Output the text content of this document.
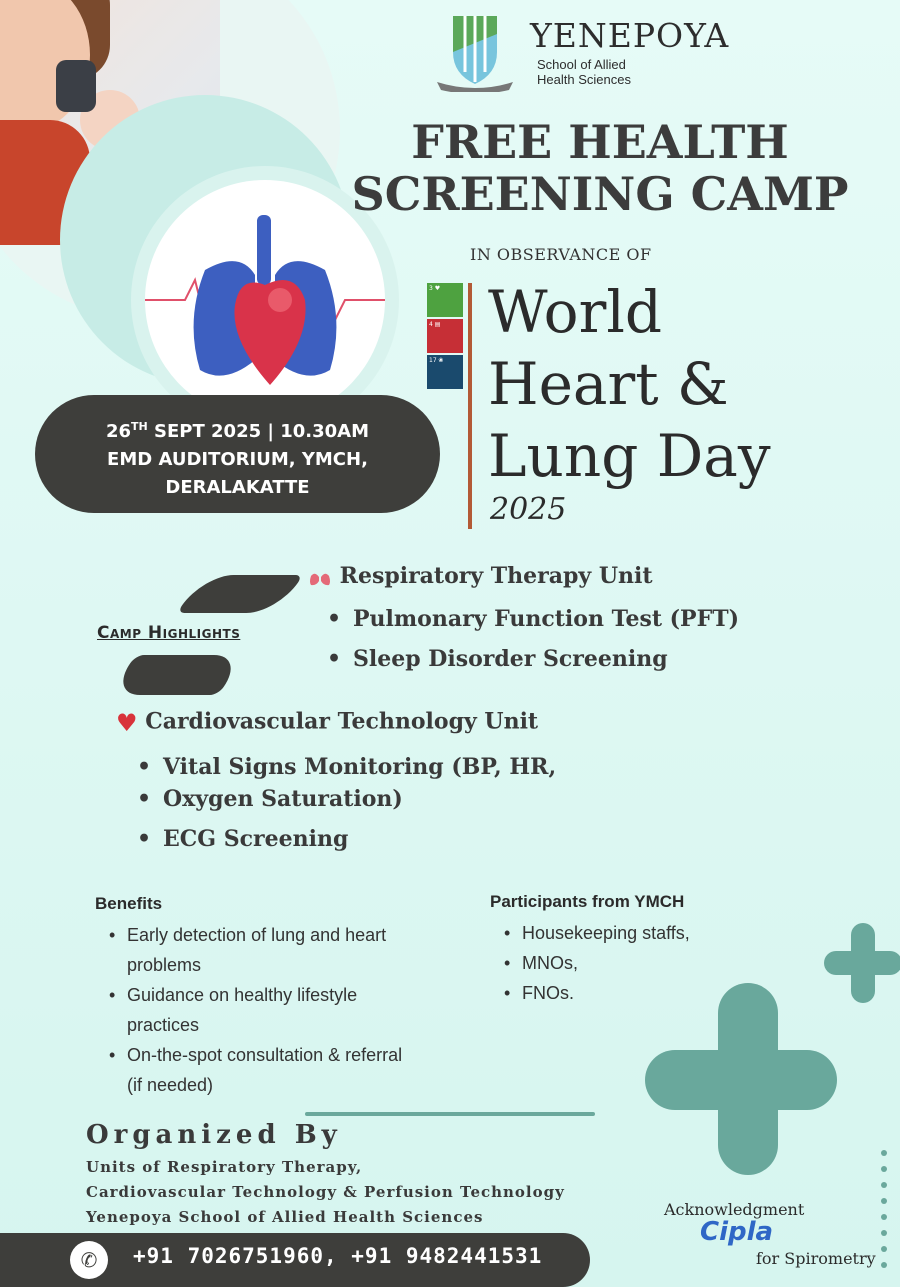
YENEPOYA
School of Allied
Health Sciences
FREE HEALTH
SCREENING CAMP
IN OBSERVANCE OF
3 ♥
4 ▤
17 ❀
World
Heart &
Lung Day
2025
26TH SEPT 2025 | 10.30AM
EMD AUDITORIUM, YMCH,
DERALAKATTE
Camp Highlights
Respiratory Therapy Unit
• Pulmonary Function Test (PFT)
• Sleep Disorder Screening
♥ Cardiovascular Technology Unit
• Vital Signs Monitoring (BP, HR,
• Oxygen Saturation)
• ECG Screening
Benefits
• Early detection of lung and heart
problems
• Guidance on healthy lifestyle
practices
• On-the-spot consultation & referral
(if needed)
Participants from YMCH
• Housekeeping staffs,
• MNOs,
• FNOs.
Organized By
Units of Respiratory Therapy,
Cardiovascular Technology & Perfusion Technology
Yenepoya School of Allied Health Sciences	Acknowledgment
Cipla
for Spirometry
✆	+91 7026751960, +91 9482441531
